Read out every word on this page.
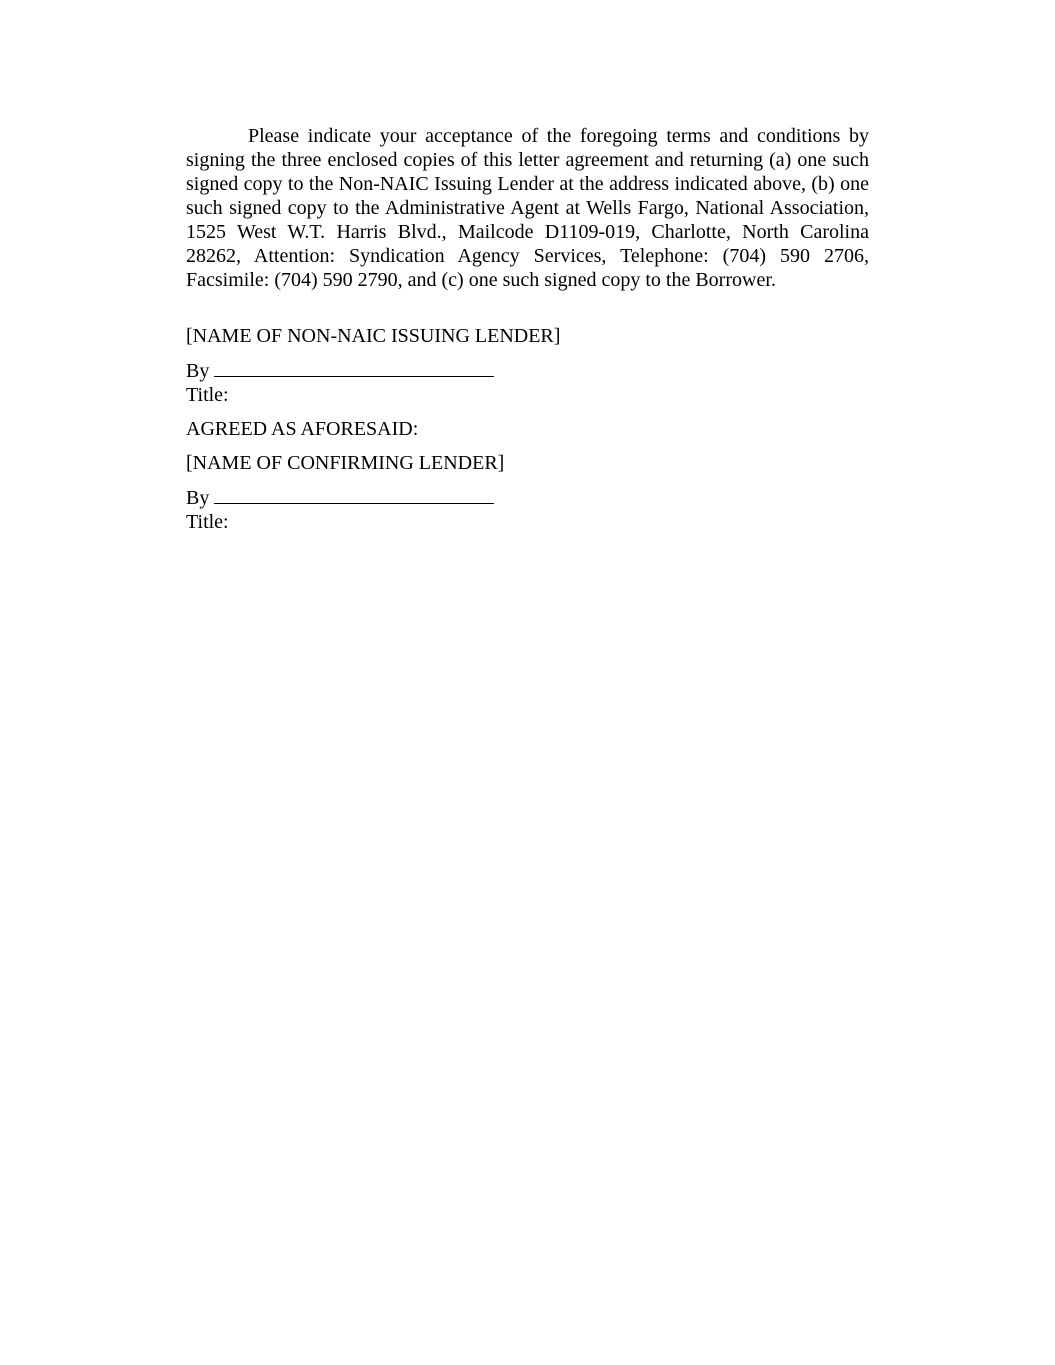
Please indicate your acceptance of the foregoing terms and conditions by signing the three enclosed copies of this letter agreement and returning (a) one such signed copy to the Non-NAIC Issuing Lender at the address indicated above, (b) one such signed copy to the Administrative Agent at Wells Fargo, National Association, 1525 West W.T. Harris Blvd., Mailcode D1109-019, Charlotte, North Carolina 28262, Attention: Syndication Agency Services, Telephone: (704) 590 2706, Facsimile: (704) 590 2790, and (c) one such signed copy to the Borrower.

[NAME OF NON-NAIC ISSUING LENDER]
By
Title:
AGREED AS AFORESAID:
[NAME OF CONFIRMING LENDER]
By
Title:
